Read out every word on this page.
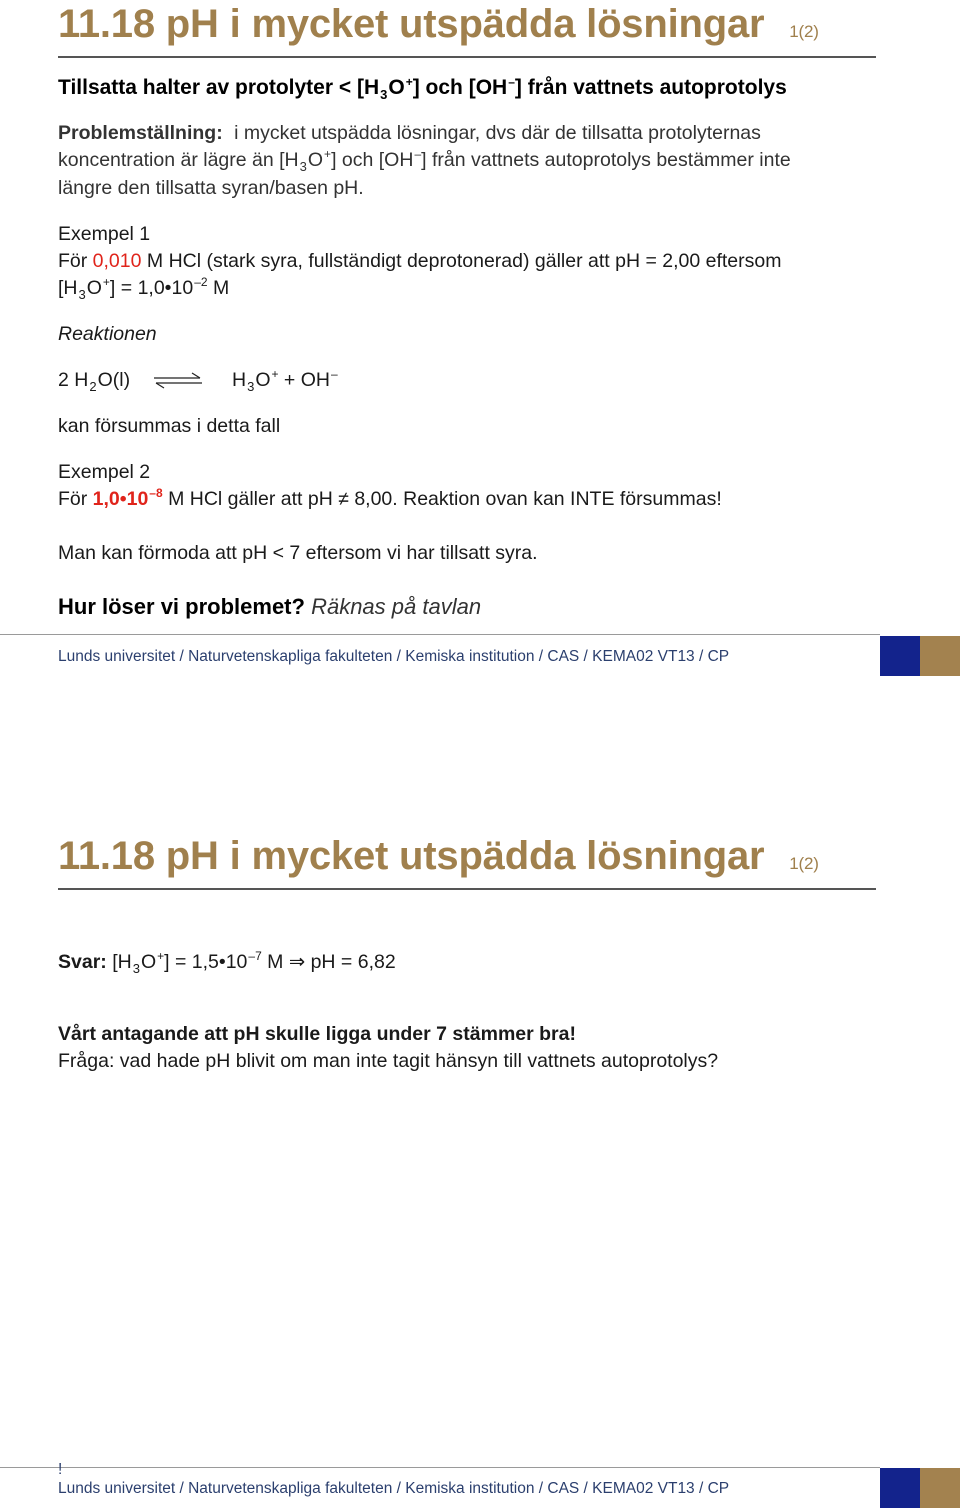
11.18 pH i mycket utspädda lösningar 1(2)
Tillsatta halter av protolyter < $[H_3O^+]$ och [OH–] från vattnets autoprotolys
Problemställning: i mycket utspädda lösningar, dvs där de tillsatta protolyternas
koncentration är lägre än $[H_3O^+]$ och [OH–] från vattnets autoprotolys bestämmer inte
längre den tillsatta syran/basen pH.
Exempel 1
För 0,010 M HCl (stark syra, fullständigt deprotonerad) gäller att pH = 2,00 eftersom
$[H_3O^+]$ = $1,0•10^{-2}$ M
Reaktionen
2 $H_2O(l)$ ⇌ $H_3O^+ + OH^-$
kan försummas i detta fall
Exempel 2
För $1,0•10^{-8}$ M HCl gäller att pH ≠ 8,00. Reaktion ovan kan INTE försummas!
Man kan förmoda att pH < 7 eftersom vi har tillsatt syra.
Hur löser vi problemet? Räknas på tavlan
Lunds universitet / Naturvetenskapliga fakulteten / Kemiska institution / CAS / KEMA02 VT13 / CP
11.18 pH i mycket utspädda lösningar 1(2)
Svar: $[H_3O^+]$ = $1,5•10^{-7}$ M ⇒ pH = 6,82
Vårt antagande att pH skulle ligga under 7 stämmer bra!
Fråga: vad hade pH blivit om man inte tagit hänsyn till vattnets autoprotolys?
!
Lunds universitet / Naturvetenskapliga fakulteten / Kemiska institution / CAS / KEMA02 VT13 / CP
